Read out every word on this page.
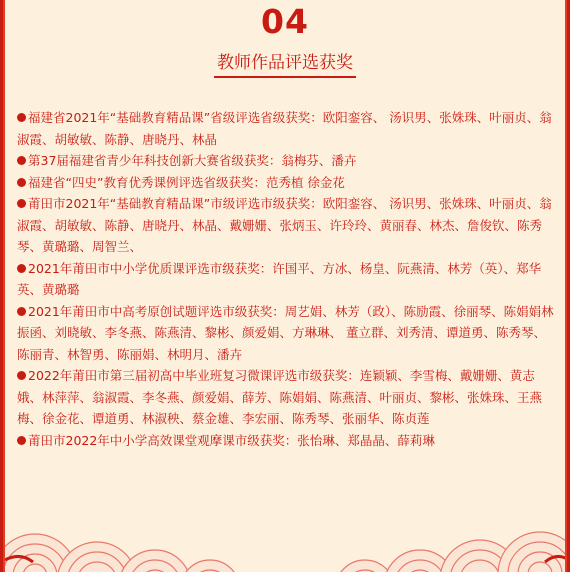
04
教师作品评选获奖

福建省2021年“基础教育精品课”省级评选省级获奖：欧阳銮容、 汤识男、张姝珠、叶丽贞、翁淑霞、胡敏敏、陈静、唐晓丹、林晶

第37届福建省青少年科技创新大赛省级获奖：翁梅芬、潘卉

福建省“四史”教育优秀课例评选省级获奖：范秀植 徐金花

莆田市2021年“基础教育精品课”市级评选市级获奖：欧阳銮容、 汤识男、张姝珠、叶丽贞、翁淑霞、胡敏敏、陈静、唐晓丹、林晶、戴姗姗、张炳玉、许玲玲、黄丽春、林杰、詹俊钦、陈秀琴、黄璐璐、周智兰、

2021年莆田市中小学优质课评选市级获奖：许国平、方冰、杨皇、阮燕清、林芳（英）、郑华英、黄璐璐

2021年莆田市中高考原创试题评选市级获奖：周艺娟、林芳（政）、陈励霞、徐丽琴、陈娟娟林振函、刘晓敏、李冬燕、陈燕清、黎彬、颜爱娟、方琳琳、 董立群、刘秀清、谭道勇、陈秀琴、陈丽青、林智勇、陈丽娟、林明月、潘卉

2022年莆田市第三届初高中毕业班复习微课评选市级获奖：连颖颖、李雪梅、戴姗姗、黄志娥、林萍萍、翁淑霞、李冬燕、颜爱娟、薛芳、陈娟娟、陈燕清、叶丽贞、黎彬、张姝珠、王燕梅、徐金花、谭道勇、林淑秧、蔡金雄、李宏丽、陈秀琴、张丽华、陈贞莲

莆田市2022年中小学高效课堂观摩课市级获奖：张怡琳、郑晶晶、薛莉琳
